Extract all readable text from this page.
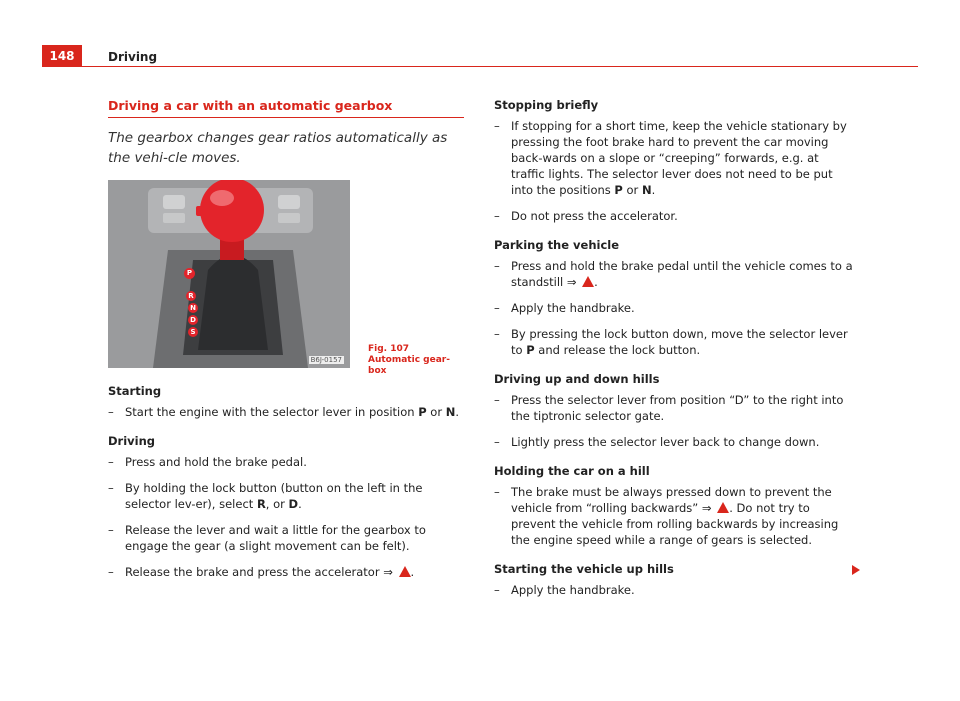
148	Driving
Driving a car with an automatic gearbox
The gearbox changes gear ratios automatically as the vehi-cle moves.
P
R
N
D
S
B6J-0157
Fig. 107 Automatic gear-box
Starting
– Start the engine with the selector lever in position P or N.
Driving
– Press and hold the brake pedal.
– By holding the lock button (button on the left in the selector lev-er), select R, or D.
– Release the lever and wait a little for the gearbox to engage the gear (a slight movement can be felt).
– Release the brake and press the accelerator ⇒ .
Stopping briefly
– If stopping for a short time, keep the vehicle stationary by pressing the foot brake hard to prevent the car moving back-wards on a slope or “creeping” forwards, e.g. at traffic lights. The selector lever does not need to be put into the positions P or N.
– Do not press the accelerator.
Parking the vehicle
– Press and hold the brake pedal until the vehicle comes to a standstill ⇒ .
– Apply the handbrake.
– By pressing the lock button down, move the selector lever to P and release the lock button.
Driving up and down hills
– Press the selector lever from position “D” to the right into the tiptronic selector gate.
– Lightly press the selector lever back to change down.
Holding the car on a hill
– The brake must be always pressed down to prevent the vehicle from “rolling backwards” ⇒ . Do not try to prevent the vehicle from rolling backwards by increasing the engine speed while a range of gears is selected.
Starting the vehicle up hills
– Apply the handbrake.
